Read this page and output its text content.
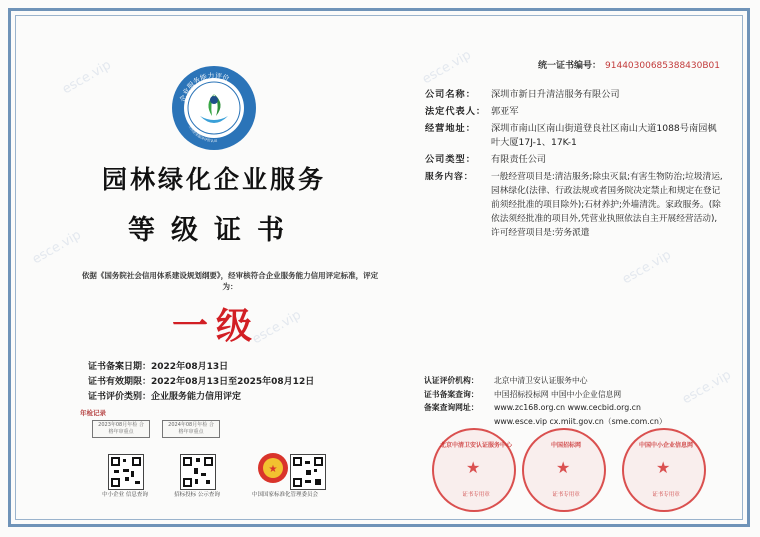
esce.vip
esce.vip
esce.vip
esce.vip
esce.vip
esce.vip
统一证书编号： 91440300685388430B01
企业服务能力评价
全国企业服务评价认证
园林绿化企业服务
等级证书
依据《国务院社会信用体系建设规划纲要》，经审核符合企业服务能力信用评定标准，评定为：
一级
证书备案日期：2022年08月13日
证书有效期限：2022年08月13日至2025年08月12日
证书评价类别：企业服务能力信用评定
年检记录
2023年08月年检 合格年审重点
2024年08月年检 合格年审重点
中小企业 信息查询	招标投标 公示查询
★
中国国家标准化管理委员会
公司名称：	深圳市新日升清洁服务有限公司
法定代表人： 郭亚军
经营地址：	深圳市南山区南山街道登良社区南山大道1088号南园枫叶大厦17J-1、17K-1
公司类型：	有限责任公司
服务内容：	一般经营项目是:清洁服务;除虫灭鼠;有害生物防治;垃圾清运,园林绿化(法律、行政法规或者国务院决定禁止和规定在登记前须经批准的项目除外);石材养护;外墙清洗。家政服务。(除依法须经批准的项目外,凭营业执照依法自主开展经营活动),许可经营项目是:劳务派遣
认证评价机构： 北京中清卫安认证服务中心
证书备案查询： 中国招标投标网 中国中小企业信息网
备案查询网址： www.zc168.org.cn www.cecbid.org.cn
www.esce.vip cx.miit.gov.cn（sme.com.cn）
北京中清卫安认证服务中心
★
证书专用章
中国招标网
★
证书专用章
中国中小企业信息网
★
证书专用章
